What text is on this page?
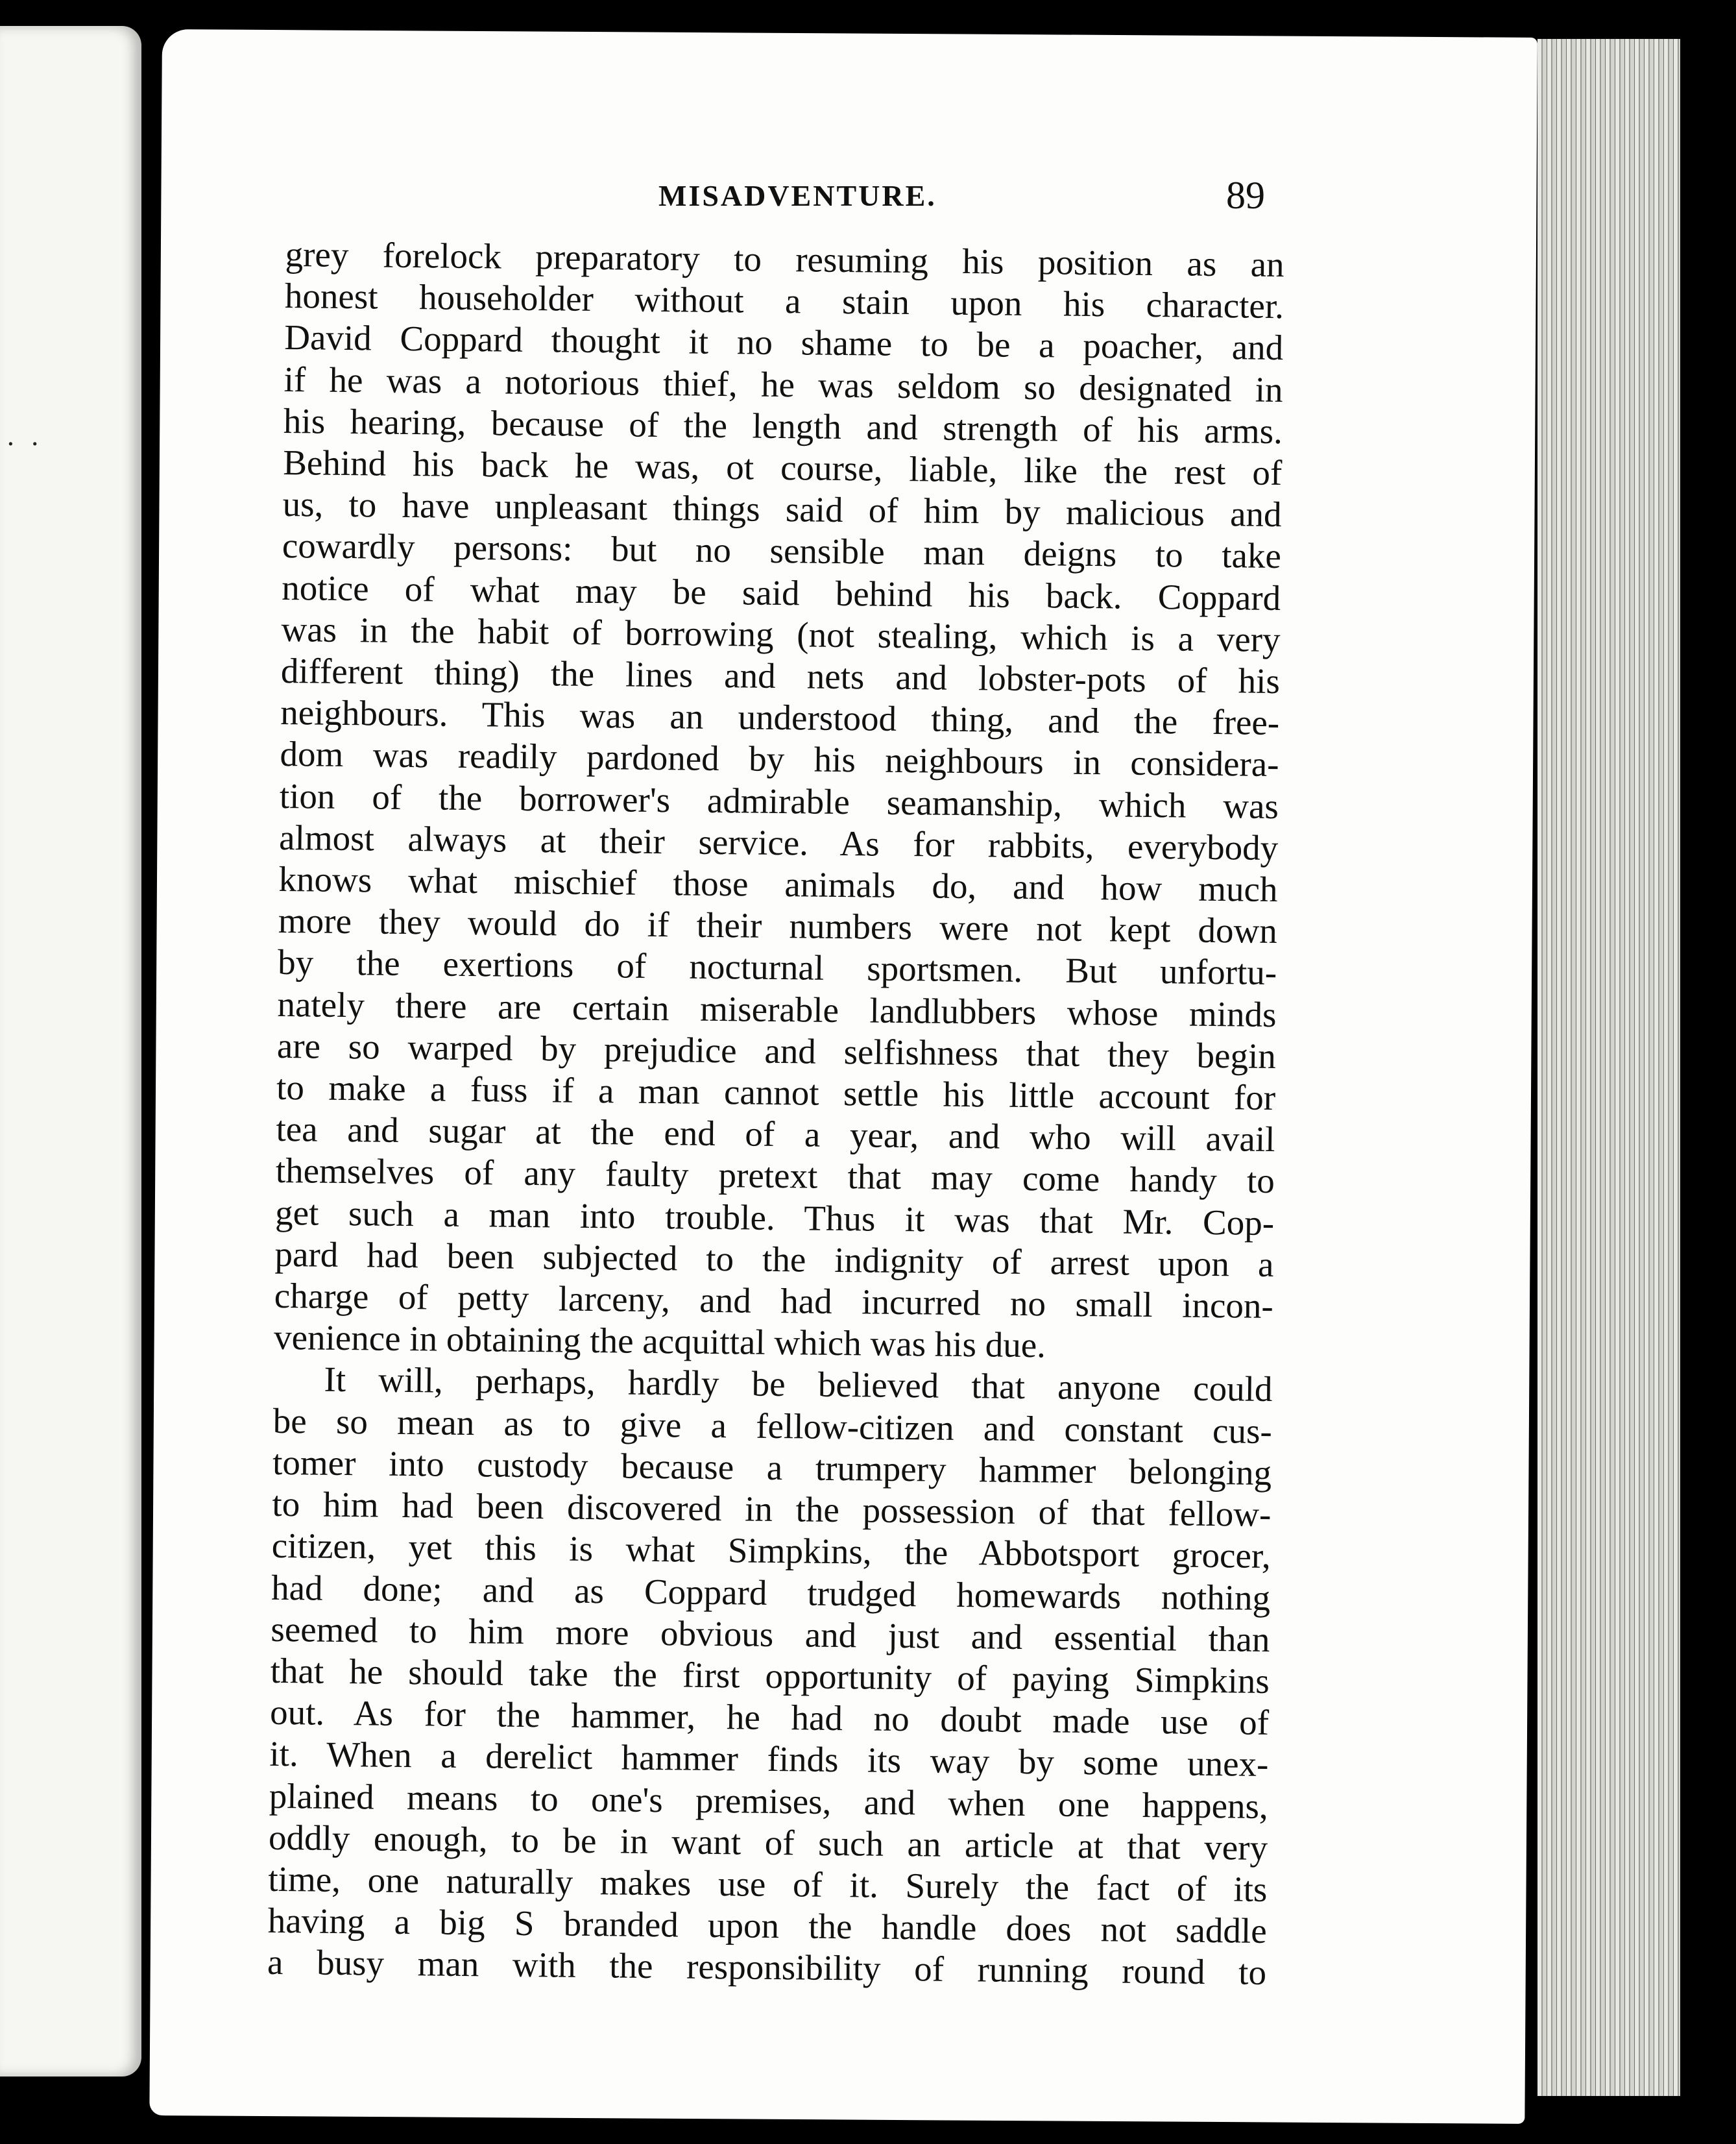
. .
MISADVENTURE.	89
grey forelock preparatory to resuming his position as an
honest householder without a stain upon his character.
David Coppard thought it no shame to be a poacher, and
if he was a notorious thief, he was seldom so designated in
his hearing, because of the length and strength of his arms.
Behind his back he was, ot course, liable, like the rest of
us, to have unpleasant things said of him by malicious and
cowardly persons: but no sensible man deigns to take
notice of what may be said behind his back. Coppard
was in the habit of borrowing (not stealing, which is a very
different thing) the lines and nets and lobster-pots of his
neighbours. This was an understood thing, and the free-
dom was readily pardoned by his neighbours in considera-
tion of the borrower's admirable seamanship, which was
almost always at their service. As for rabbits, everybody
knows what mischief those animals do, and how much
more they would do if their numbers were not kept down
by the exertions of nocturnal sportsmen. But unfortu-
nately there are certain miserable landlubbers whose minds
are so warped by prejudice and selfishness that they begin
to make a fuss if a man cannot settle his little account for
tea and sugar at the end of a year, and who will avail
themselves of any faulty pretext that may come handy to
get such a man into trouble. Thus it was that Mr. Cop-
pard had been subjected to the indignity of arrest upon a
charge of petty larceny, and had incurred no small incon-
venience in obtaining the acquittal which was his due.
It will, perhaps, hardly be believed that anyone could
be so mean as to give a fellow-citizen and constant cus-
tomer into custody because a trumpery hammer belonging
to him had been discovered in the possession of that fellow-
citizen, yet this is what Simpkins, the Abbotsport grocer,
had done; and as Coppard trudged homewards nothing
seemed to him more obvious and just and essential than
that he should take the first opportunity of paying Simpkins
out. As for the hammer, he had no doubt made use of
it. When a derelict hammer finds its way by some unex-
plained means to one's premises, and when one happens,
oddly enough, to be in want of such an article at that very
time, one naturally makes use of it. Surely the fact of its
having a big S branded upon the handle does not saddle
a busy man with the responsibility of running round to
